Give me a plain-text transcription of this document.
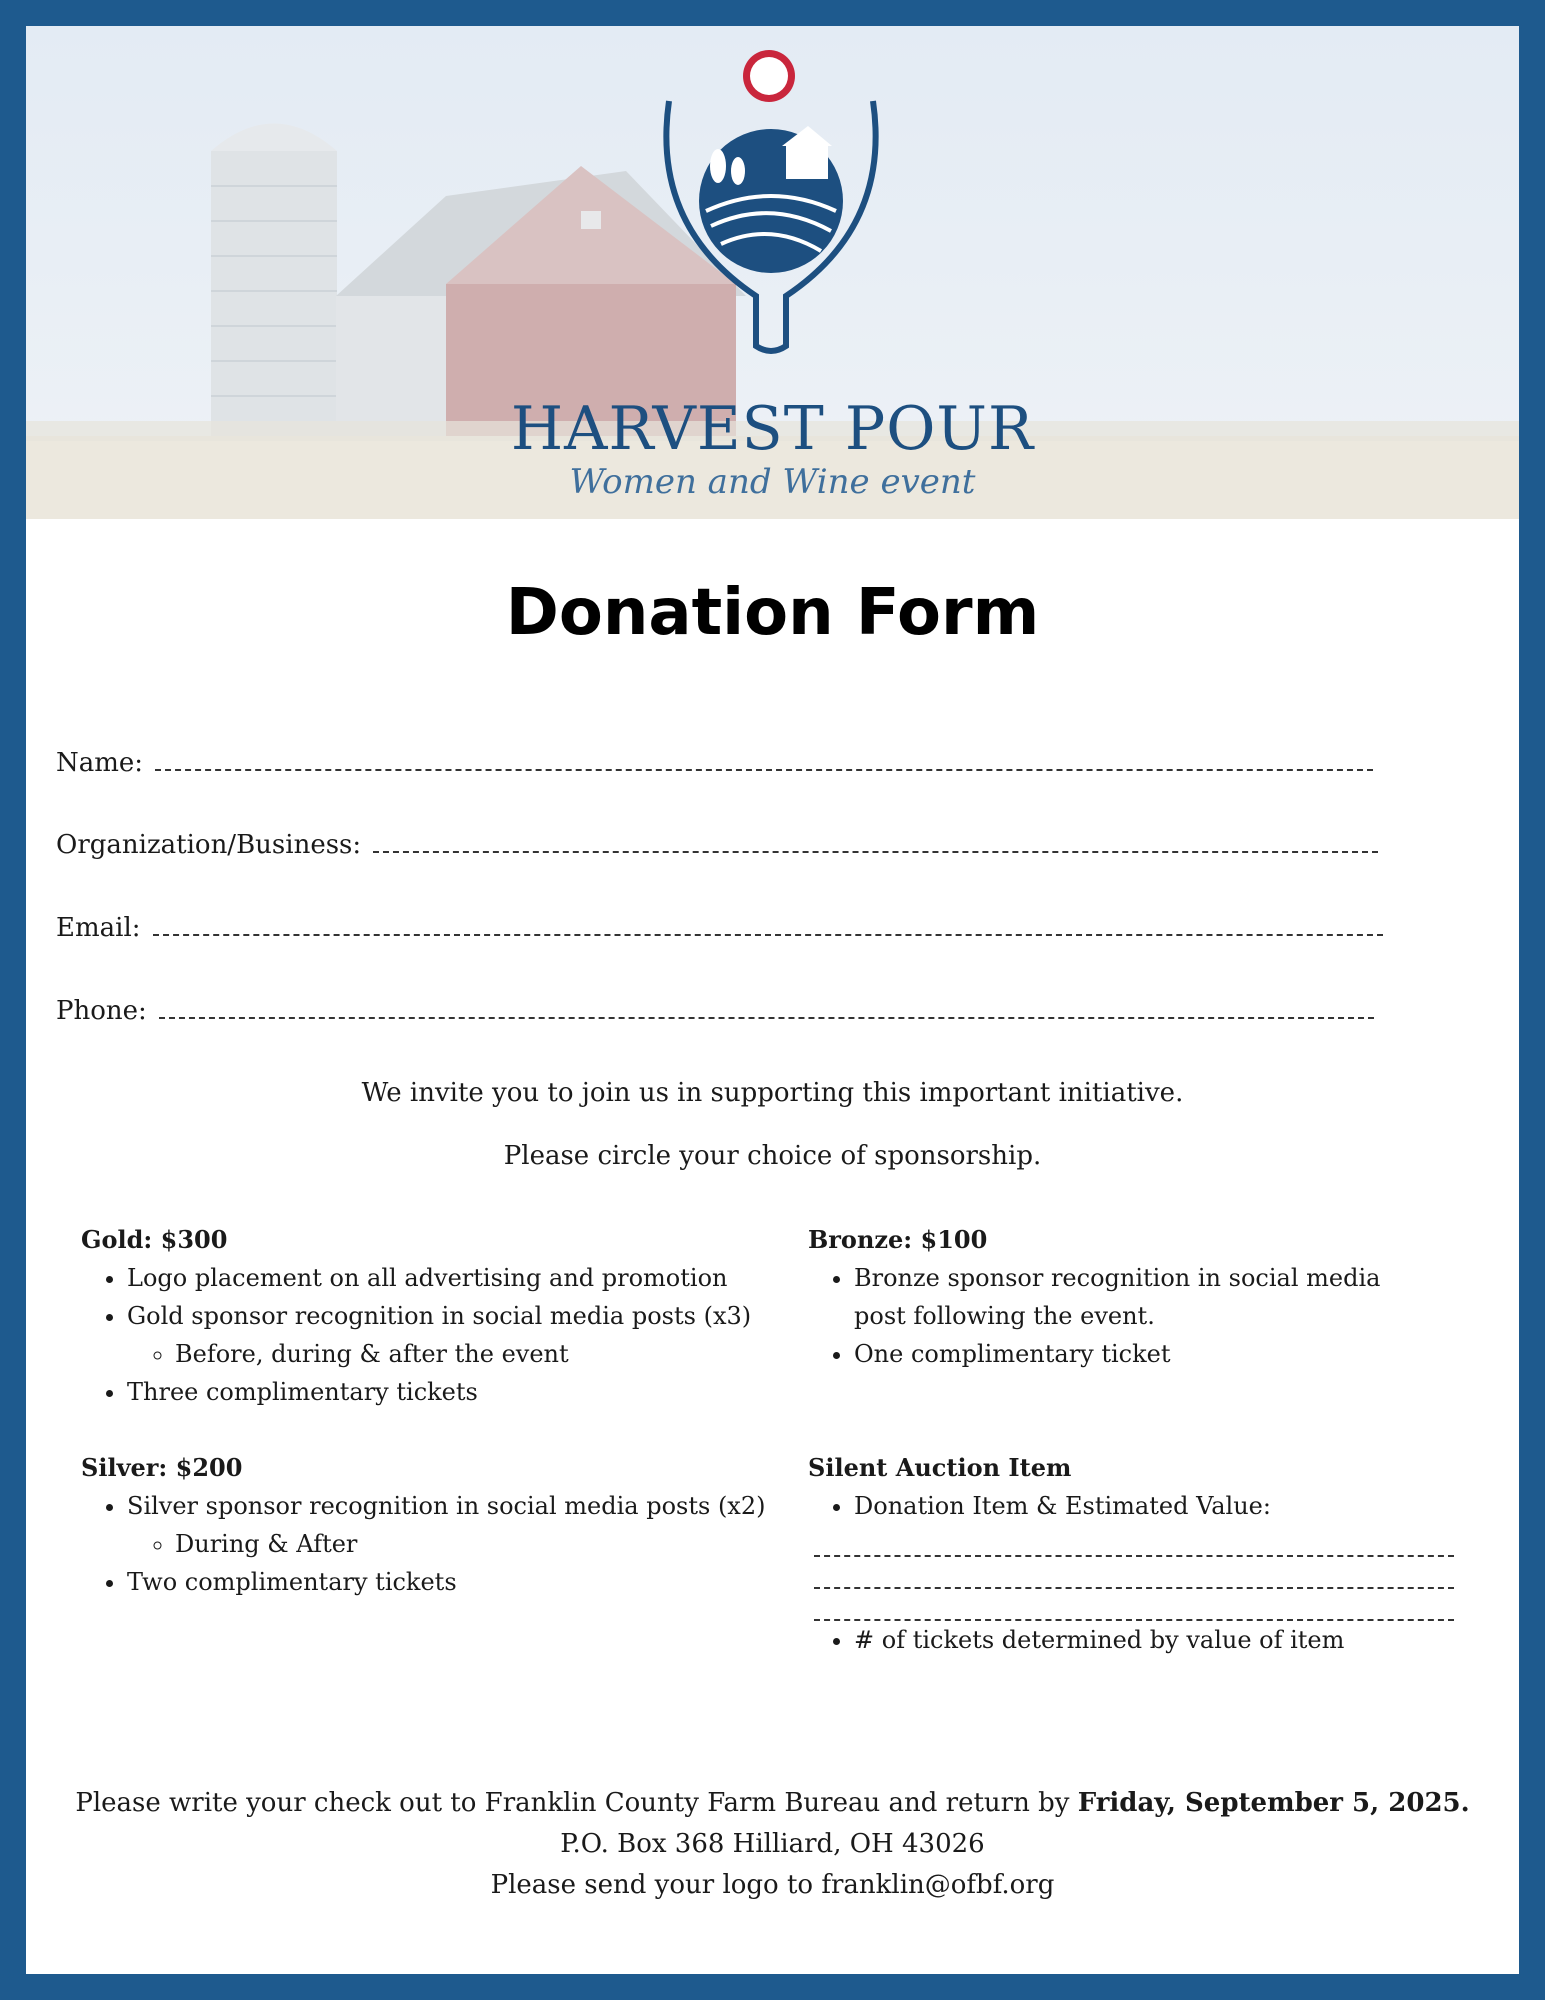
HARVEST POUR
Women and Wine event
Donation Form
Name:
Organization/Business:
Email:
Phone:
We invite you to join us in supporting this important initiative.
Please circle your choice of sponsorship.
Gold: $300
• Logo placement on all advertising and promotion
• Gold sponsor recognition in social media posts (x3)
◦ Before, during & after the event
• Three complimentary tickets
Silver: $200
• Silver sponsor recognition in social media posts (x2)
◦ During & After
• Two complimentary tickets
Bronze: $100
• Bronze sponsor recognition in social media post following the event.
• One complimentary ticket
Silent Auction Item
• Donation Item & Estimated Value:
• # of tickets determined by value of item
Please write your check out to Franklin County Farm Bureau and return by Friday, September 5, 2025.
P.O. Box 368 Hilliard, OH 43026
Please send your logo to franklin@ofbf.org
